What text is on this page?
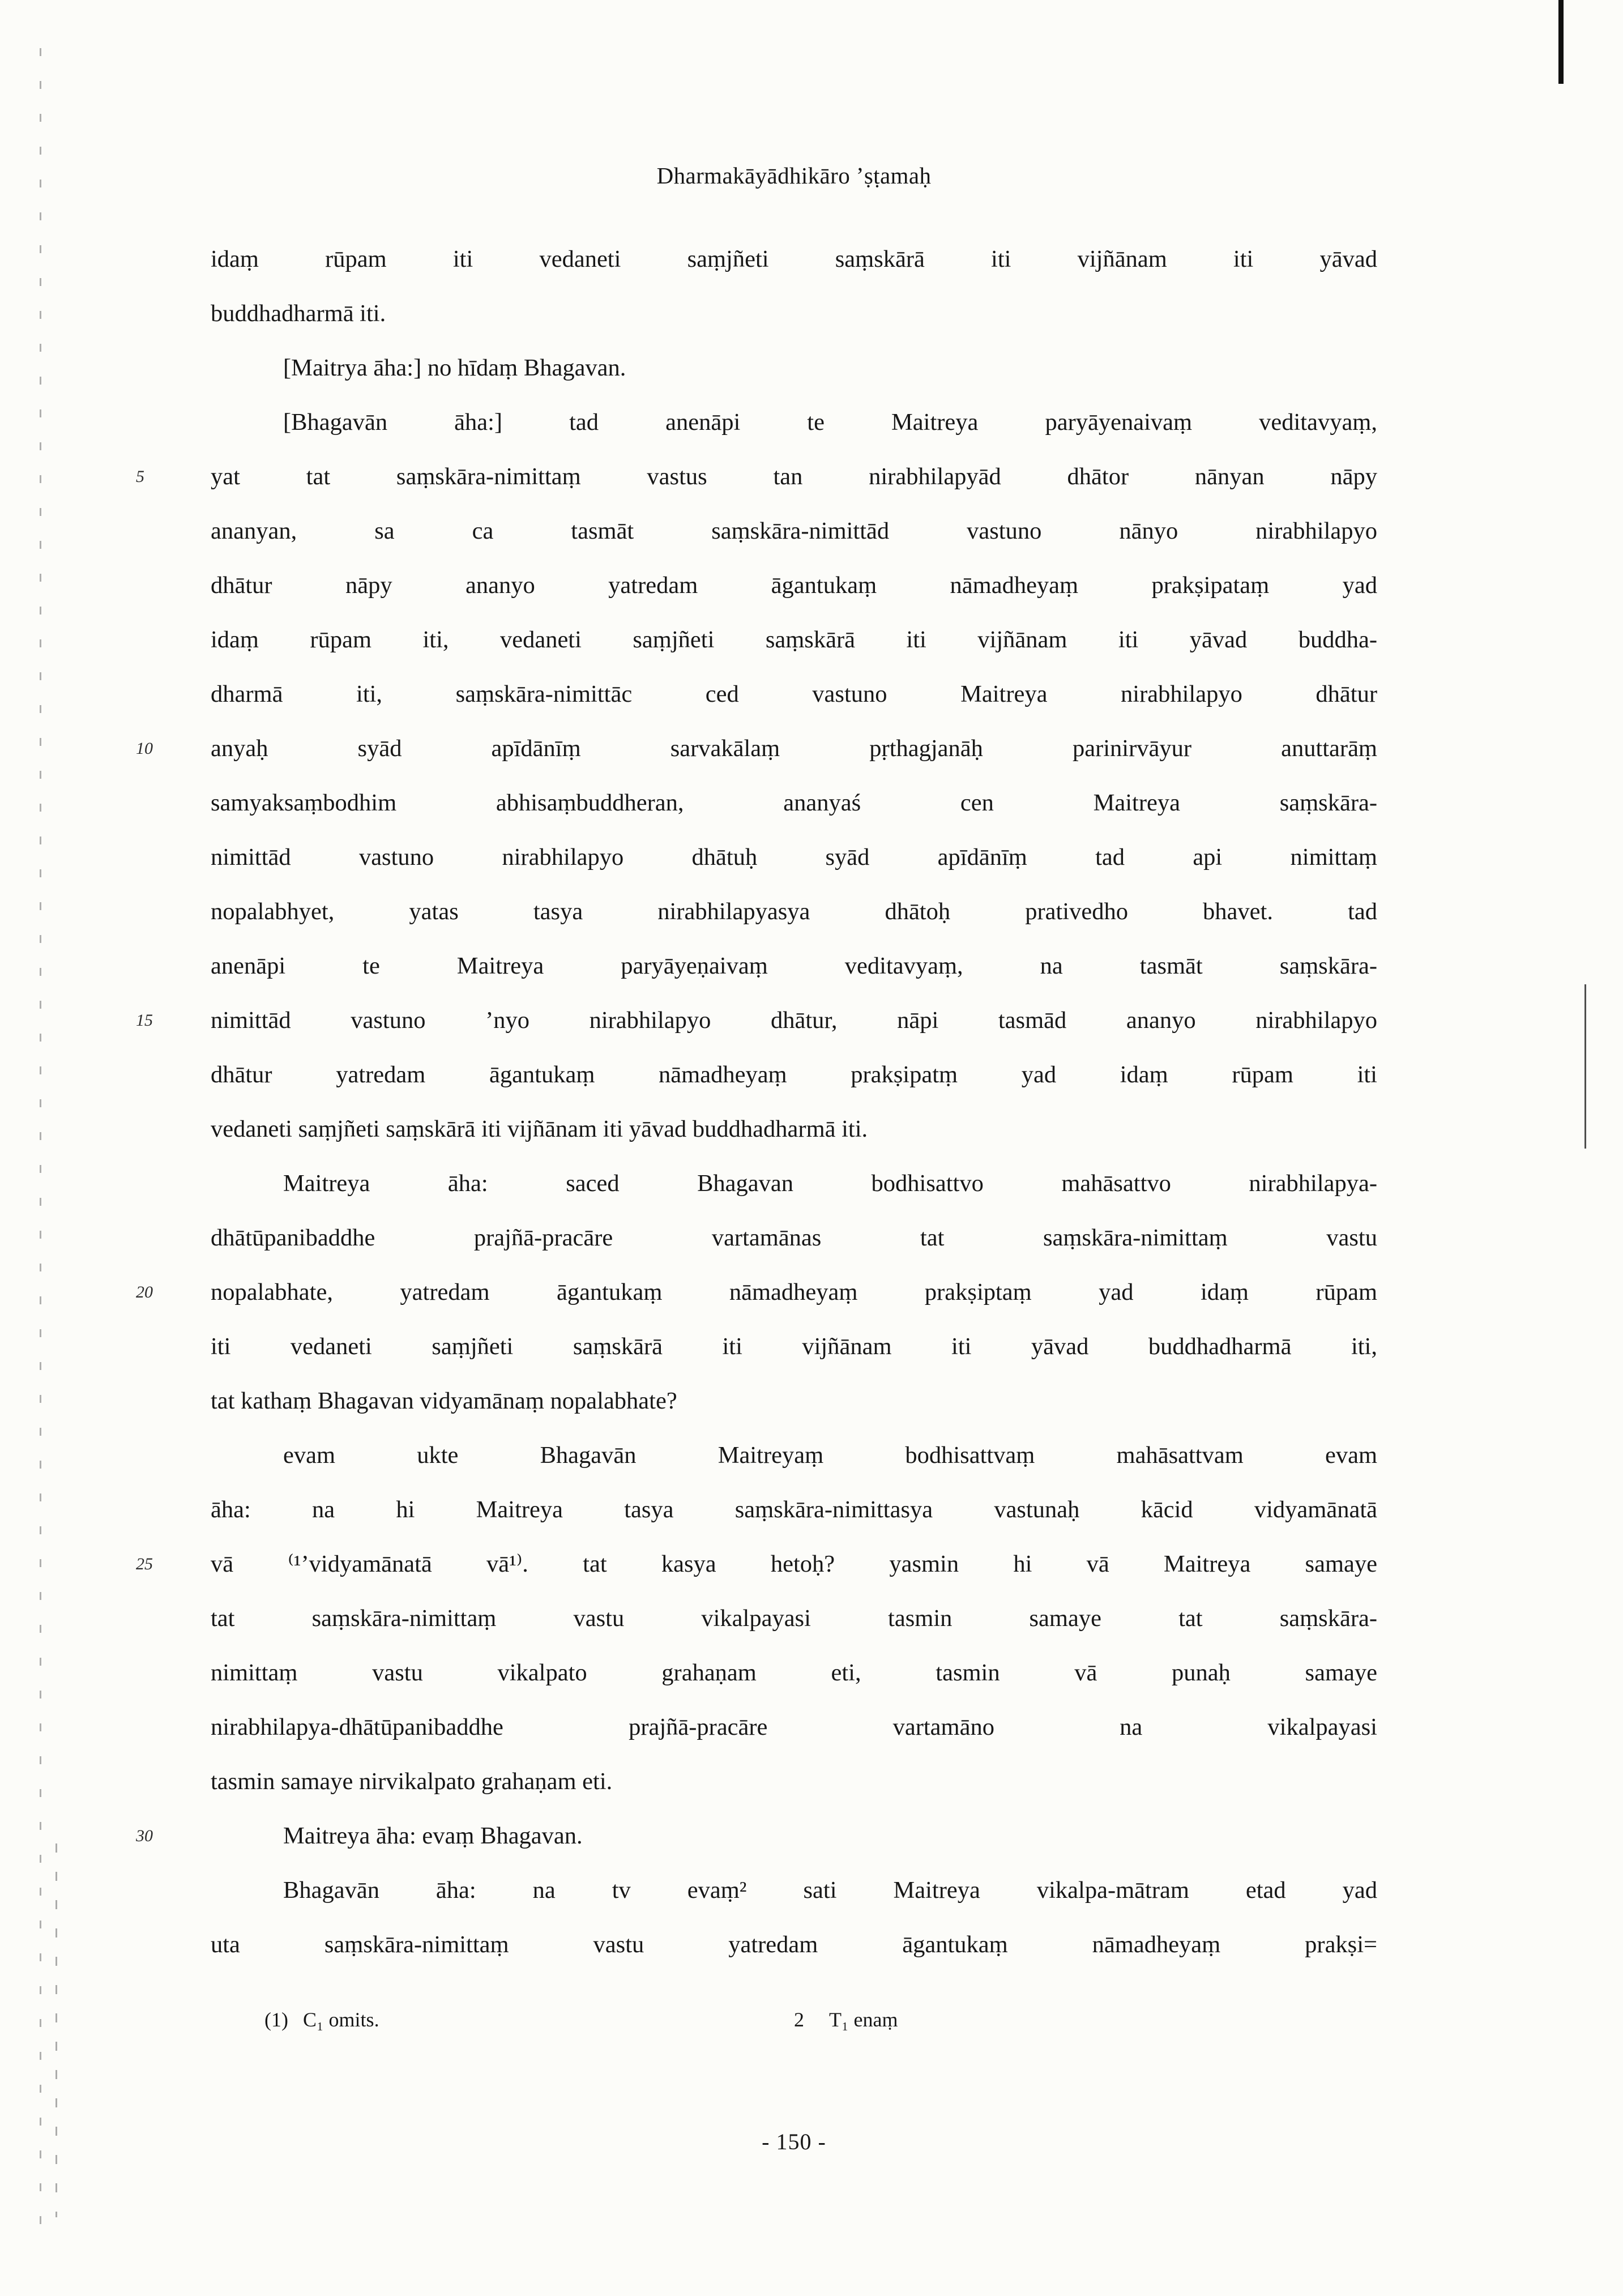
Dharmakāyādhikāro ʼṣṭamaḥ
idaṃ rūpam iti vedaneti saṃjñeti saṃskārā iti vijñānam iti yāvad
buddhadharmā iti.
[Maitrya āha:] no hīdaṃ Bhagavan.
[Bhagavān āha:] tad anenāpi te Maitreya paryāyenaivaṃ veditavyaṃ,
5	yat tat saṃskāra-nimittaṃ vastus tan nirabhilapyād dhātor nānyan nāpy
ananyan, sa ca tasmāt saṃskāra-nimittād vastuno nānyo nirabhilapyo
dhātur nāpy ananyo yatredam āgantukaṃ nāmadheyaṃ prakṣipataṃ yad
idaṃ rūpam iti, vedaneti saṃjñeti saṃskārā iti vijñānam iti yāvad buddha-
dharmā iti, saṃskāra-nimittāc ced vastuno Maitreya nirabhilapyo dhātur
10	anyaḥ syād apīdānīṃ sarvakālaṃ pṛthagjanāḥ parinirvāyur anuttarāṃ
samyaksaṃbodhim abhisaṃbuddheran, ananyaś cen Maitreya saṃskāra-
nimittād vastuno nirabhilapyo dhātuḥ syād apīdānīṃ tad api nimittaṃ
nopalabhyet, yatas tasya nirabhilapyasya dhātoḥ prativedho bhavet. tad
anenāpi te Maitreya paryāyeṇaivaṃ veditavyaṃ, na tasmāt saṃskāra-
15	nimittād vastuno ʼnyo nirabhilapyo dhātur, nāpi tasmād ananyo nirabhilapyo
dhātur yatredam āgantukaṃ nāmadheyaṃ prakṣipatṃ yad idaṃ rūpam iti
vedaneti saṃjñeti saṃskārā iti vijñānam iti yāvad buddhadharmā iti.
Maitreya āha: saced Bhagavan bodhisattvo mahāsattvo nirabhilapya-
dhātūpanibaddhe prajñā-pracāre vartamānas tat saṃskāra-nimittaṃ vastu
20	nopalabhate, yatredam āgantukaṃ nāmadheyaṃ prakṣiptaṃ yad idaṃ rūpam
iti vedaneti saṃjñeti saṃskārā iti vijñānam iti yāvad buddhadharmā iti,
tat kathaṃ Bhagavan vidyamānaṃ nopalabhate?
evam ukte Bhagavān Maitreyaṃ bodhisattvaṃ mahāsattvam evam
āha: na hi Maitreya tasya saṃskāra-nimittasya vastunaḥ kācid vidyamānatā
25	vā ⁽¹ʼvidyamānatā vā¹⁾. tat kasya hetoḥ? yasmin hi vā Maitreya samaye
tat saṃskāra-nimittaṃ vastu vikalpayasi tasmin samaye tat saṃskāra-
nimittaṃ vastu vikalpato grahaṇam eti, tasmin vā punaḥ samaye
nirabhilapya-dhātūpanibaddhe prajñā-pracāre vartamāno na vikalpayasi
tasmin samaye nirvikalpato grahaṇam eti.
30	Maitreya āha: evaṃ Bhagavan.
Bhagavān āha: na tv evaṃ² sati Maitreya vikalpa-mātram etad yad
uta saṃskāra-nimittaṃ vastu yatredam āgantukaṃ nāmadheyaṃ prakṣi=
(1) C₁ omits.	2 T₁ enaṃ
- 150 -
